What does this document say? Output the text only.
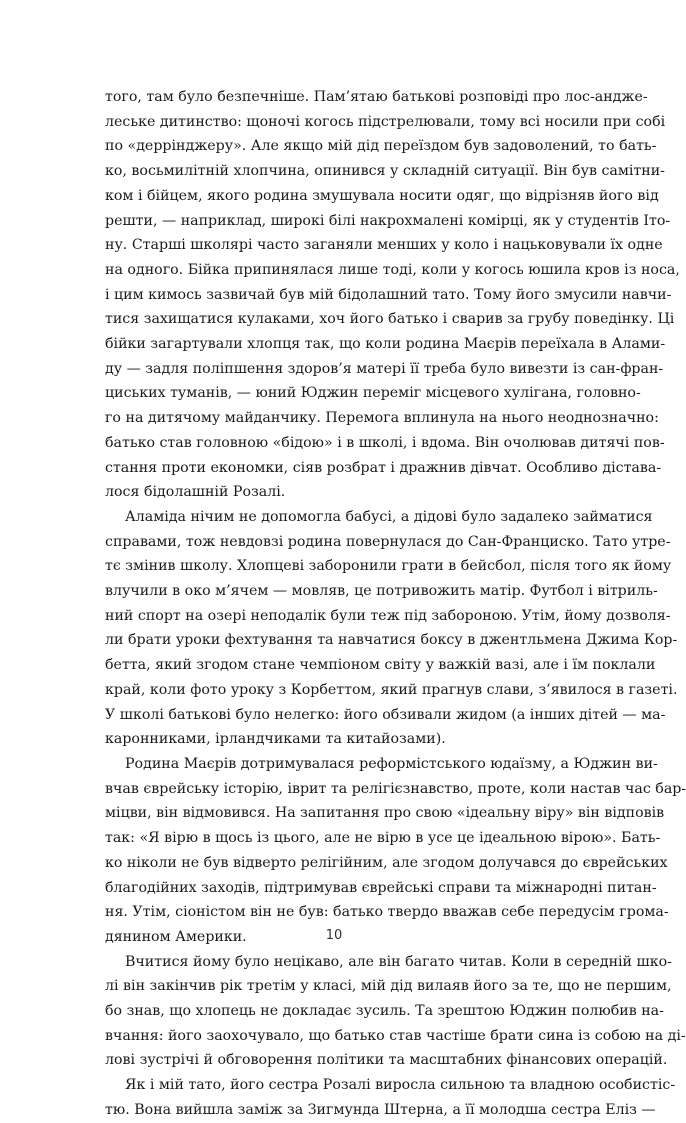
того, там було безпечніше. Пам’ятаю батькові розповіді про лос-андже-
леське дитинство: щоночі когось підстрелювали, тому всі носили при собі
по «деррінджеру». Але якщо мій дід переїздом був задоволений, то бать-
ко, восьмилітній хлопчина, опинився у складній ситуації. Він був самітни-
ком і бійцем, якого родина змушувала носити одяг, що відрізняв його від
решти, — наприклад, широкі білі накрохмалені комірці, як у студентів Іто-
ну. Старші школярі часто заганяли менших у коло і нацьковували їх одне
на одного. Бійка припинялася лише тоді, коли у когось юшила кров із носа,
і цим кимось зазвичай був мій бідолашний тато. Тому його змусили навчи-
тися захищатися кулаками, хоч його батько і сварив за грубу поведінку. Ці
бійки загартували хлопця так, що коли родина Маєрів переїхала в Алами-
ду — задля поліпшення здоров’я матері її треба було вивезти із сан-фран-
циських туманів, — юний Юджин переміг місцевого хулігана, головно-
го на дитячому майданчику. Перемога вплинула на нього неоднозначно:
батько став головною «бідою» і в школі, і вдома. Він очолював дитячі пов-
стання проти економки, сіяв розбрат і дражнив дівчат. Особливо дістава-
лося бідолашній Розалі.
Аламіда нічим не допомогла бабусі, а дідові було задалеко займатися
справами, тож невдовзі родина повернулася до Сан-Франциско. Тато утре-
тє змінив школу. Хлопцеві заборонили грати в бейсбол, після того як йому
влучили в око м’ячем — мовляв, це потривожить матір. Футбол і вітриль-
ний спорт на озері неподалік були теж під забороною. Утім, йому дозволя-
ли брати уроки фехтування та навчатися боксу в джентльмена Джима Кор-
бетта, який згодом стане чемпіоном світу у важкій вазі, але і їм поклали
край, коли фото уроку з Корбеттом, який прагнув слави, з’явилося в газеті.
У школі батькові було нелегко: його обзивали жидом (а інших дітей — ма-
каронниками, ірландчиками та китайозами).
Родина Маєрів дотримувалася реформістського юдаїзму, а Юджин ви-
вчав єврейську історію, іврит та релігієзнавство, проте, коли настав час бар-
міцви, він відмовився. На запитання про свою «ідеальну віру» він відповів
так: «Я вірю в щось із цього, але не вірю в усе це ідеальною вірою». Бать-
ко ніколи не був відверто релігійним, але згодом долучався до єврейських
благодійних заходів, підтримував єврейські справи та міжнародні питан-
ня. Утім, сіоністом він не був: батько твердо вважав себе передусім грома-
дянином Америки.
Вчитися йому було нецікаво, але він багато читав. Коли в середній шко-
лі він закінчив рік третім у класі, мій дід вилаяв його за те, що не першим,
бо знав, що хлопець не докладає зусиль. Та зрештою Юджин полюбив на-
вчання: його заохочувало, що батько став частіше брати сина із собою на ді-
лові зустрічі й обговорення політики та масштабних фінансових операцій.
Як і мій тато, його сестра Розалі виросла сильною та владною особистіс-
тю. Вона вийшла заміж за Зигмунда Штерна, а її молодша сестра Еліз —
10
